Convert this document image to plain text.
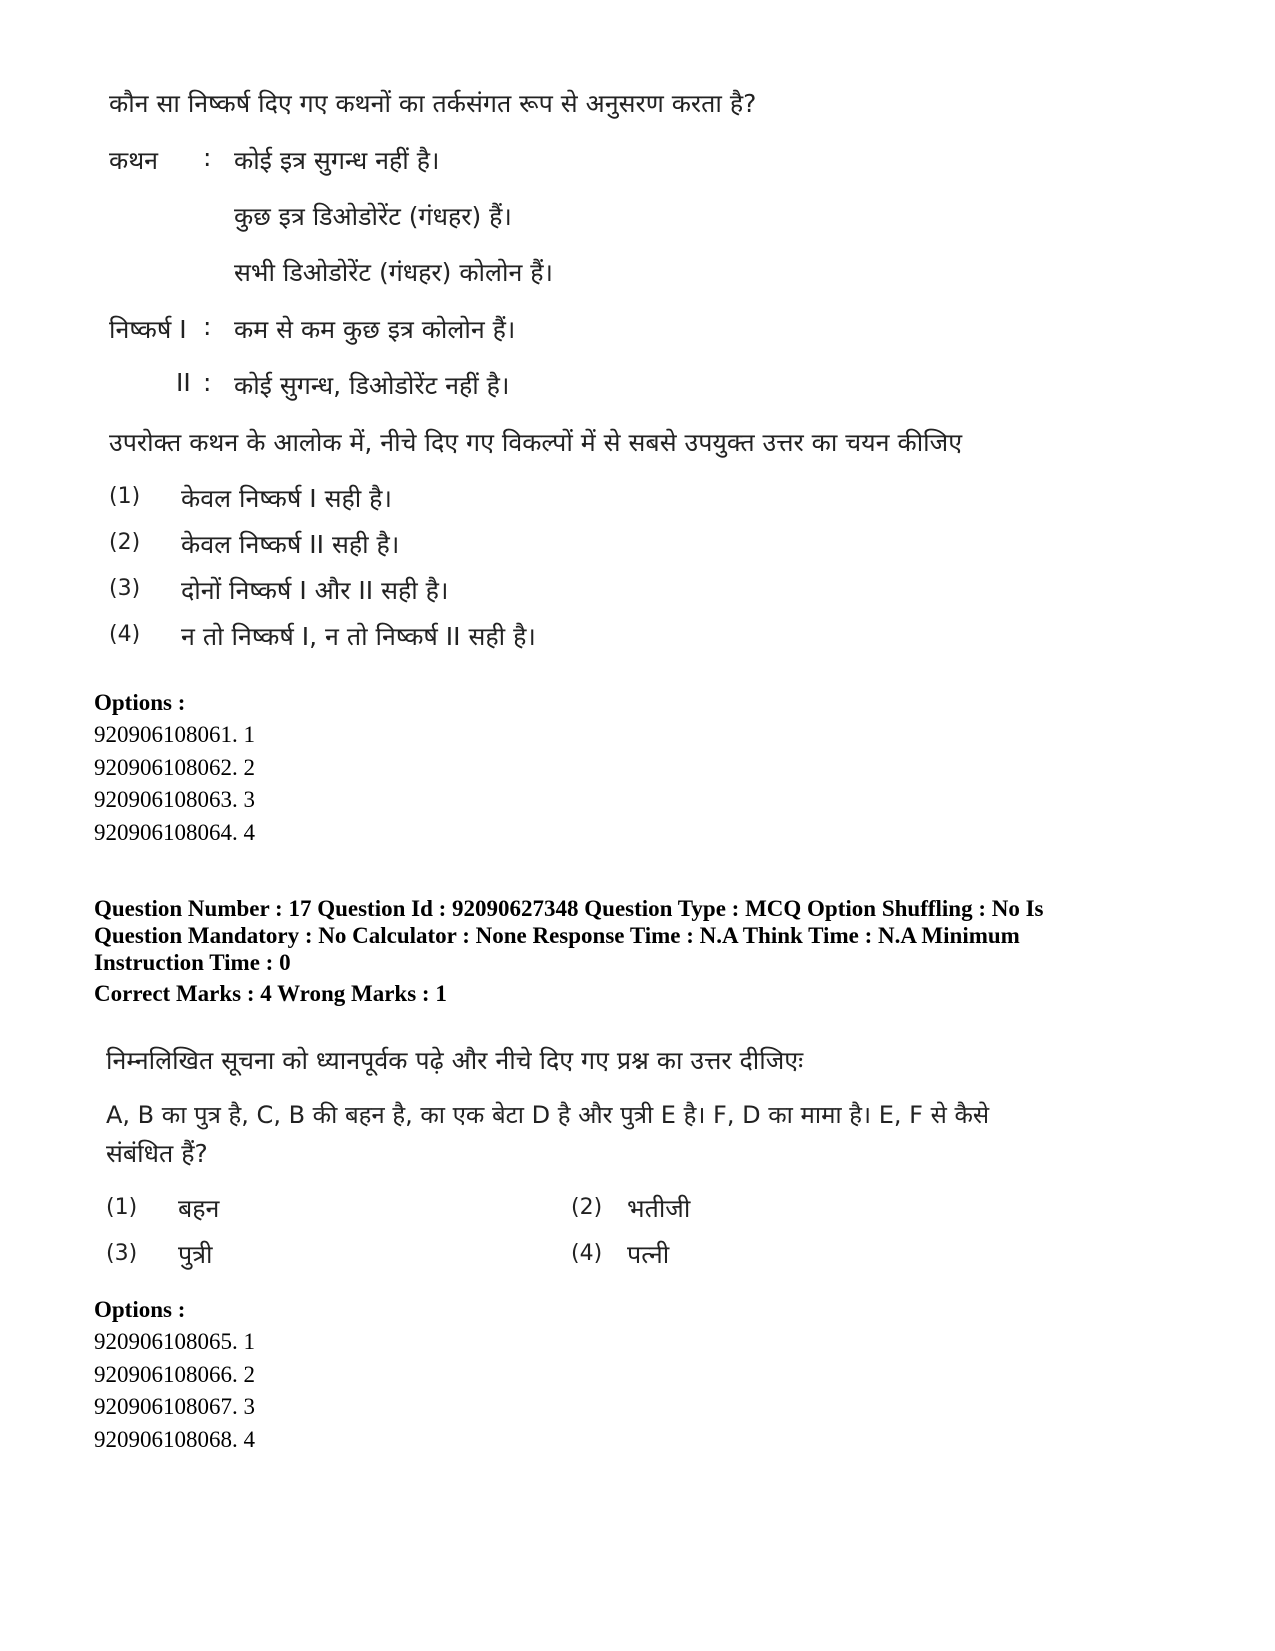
कौन सा निष्कर्ष दिए गए कथनों का तर्कसंगत रूप से अनुसरण करता है?
कथन : कोई इत्र सुगन्ध नहीं है।
कुछ इत्र डिओडोरेंट (गंधहर) हैं।
सभी डिओडोरेंट (गंधहर) कोलोन हैं।
निष्कर्ष I : कम से कम कुछ इत्र कोलोन हैं।
II : कोई सुगन्ध, डिओडोरेंट नहीं है।
उपरोक्त कथन के आलोक में, नीचे दिए गए विकल्पों में से सबसे उपयुक्त उत्तर का चयन कीजिए
(1) केवल निष्कर्ष I सही है।
(2) केवल निष्कर्ष II सही है।
(3) दोनों निष्कर्ष I और II सही है।
(4) न तो निष्कर्ष I, न तो निष्कर्ष II सही है।
Options :
920906108061. 1
920906108062. 2
920906108063. 3
920906108064. 4
Question Number : 17 Question Id : 92090627348 Question Type : MCQ Option Shuffling : No Is
Question Mandatory : No Calculator : None Response Time : N.A Think Time : N.A Minimum
Instruction Time : 0
Correct Marks : 4 Wrong Marks : 1
निम्नलिखित सूचना को ध्यानपूर्वक पढ़े और नीचे दिए गए प्रश्न का उत्तर दीजिएः
A, B का पुत्र है, C, B की बहन है, का एक बेटा D है और पुत्री E है। F, D का मामा है। E, F से कैसे
संबंधित हैं?
(1) बहन	(2) भतीजी
(3) पुत्री	(4) पत्नी
Options :
920906108065. 1
920906108066. 2
920906108067. 3
920906108068. 4
